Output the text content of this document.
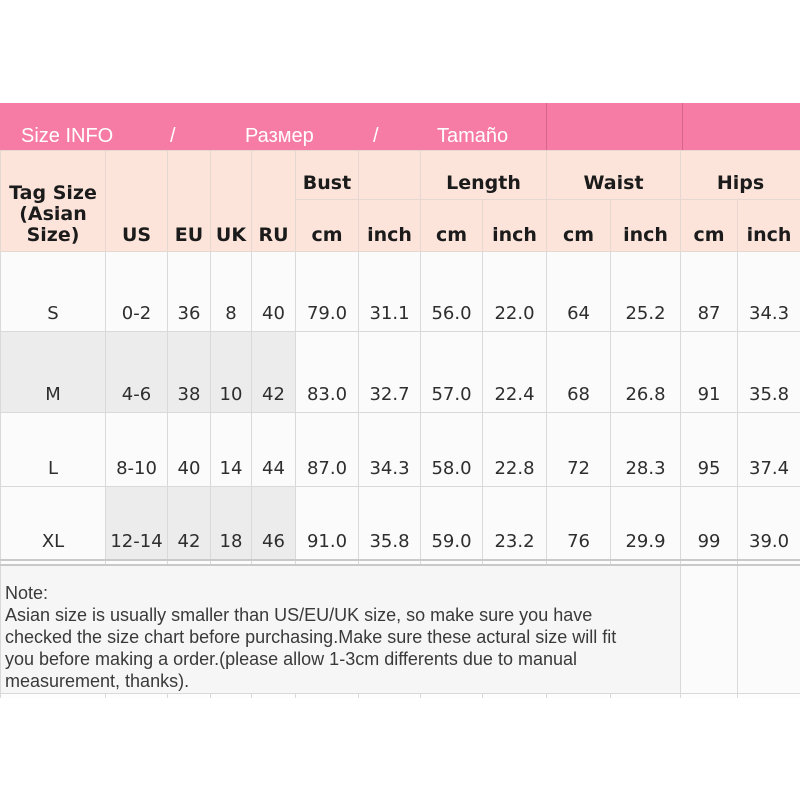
Size INFO	/	Размер	/	Tamaño
Tag Size
(Asian Size)	US	EU	UK	RU	Bust		Length		Waist		Hips	
					cm	inch	cm	inch	cm	inch	cm	inch
S	0-2	36	8	40	79.0	31.1	56.0	22.0	64	25.2	87	34.3
M	4-6	38	10	42	83.0	32.7	57.0	22.4	68	26.8	91	35.8
L	8-10	40	14	44	87.0	34.3	58.0	22.8	72	28.3	95	37.4
XL	12-14	42	18	46	91.0	35.8	59.0	23.2	76	29.9	99	39.0

Note:
Asian size is usually smaller than US/EU/UK size, so make sure you have
checked the size chart before purchasing.Make sure these actural size will fit
you before making a order.(please allow 1-3cm differents due to manual
measurement, thanks).												
